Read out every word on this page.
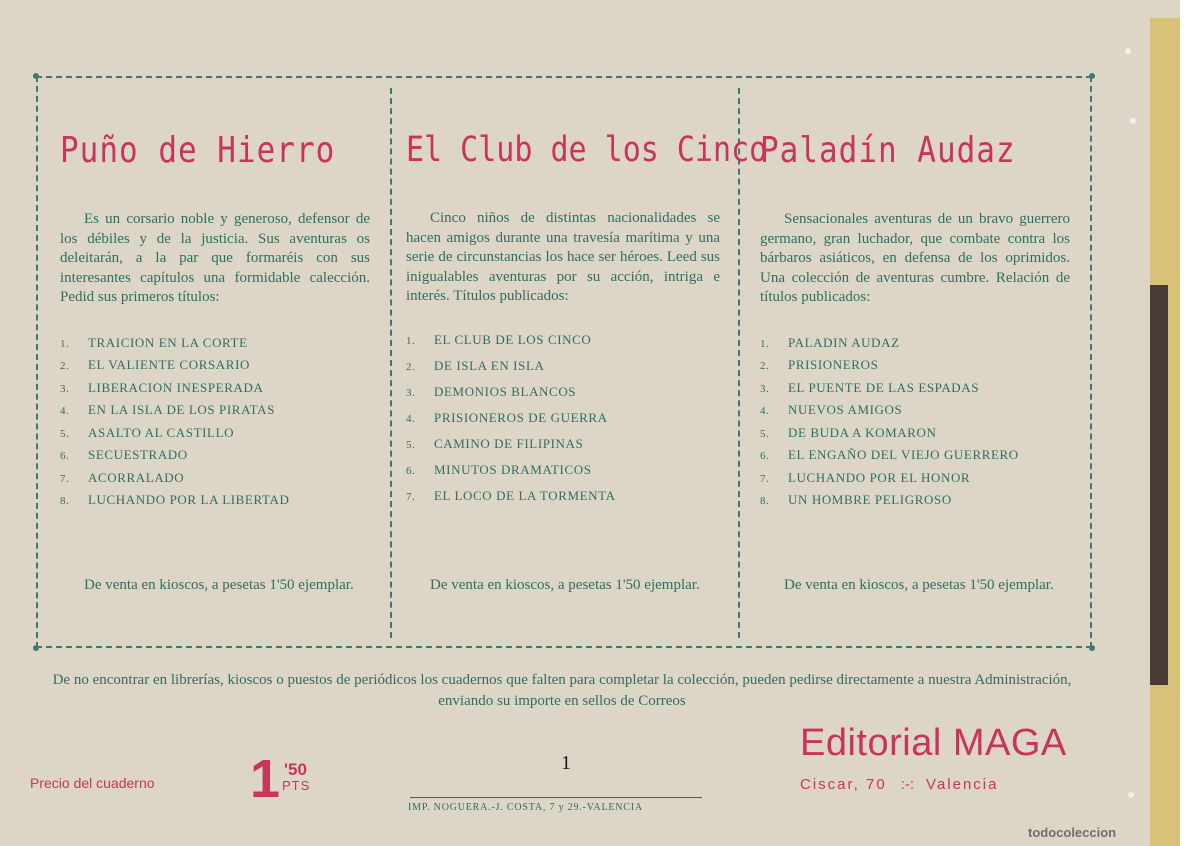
Puño de Hierro
Es un corsario noble y generoso, defensor de los débiles y de la justicia. Sus aventuras os deleitarán, a la par que formaréis con sus interesantes capítulos una formidable calección. Pedid sus primeros títulos:
1. TRAICION EN LA CORTE
2. EL VALIENTE CORSARIO
3. LIBERACION INESPERADA
4. EN LA ISLA DE LOS PIRATAS
5. ASALTO AL CASTILLO
6. SECUESTRADO
7. ACORRALADO
8. LUCHANDO POR LA LIBERTAD
De venta en kioscos, a pesetas 1'50 ejemplar.
El Club de los Cinco
Cinco niños de distintas nacionalidades se hacen amigos durante una travesía marítima y una serie de circunstancias los hace ser héroes. Leed sus inigualables aventuras por su acción, intriga e interés. Títulos publicados:
1. EL CLUB DE LOS CINCO
2. DE ISLA EN ISLA
3. DEMONIOS BLANCOS
4. PRISIONEROS DE GUERRA
5. CAMINO DE FILIPINAS
6. MINUTOS DRAMATICOS
7. EL LOCO DE LA TORMENTA
De venta en kioscos, a pesetas 1'50 ejemplar.
Paladín Audaz
Sensacionales aventuras de un bravo guerrero germano, gran luchador, que combate contra los bárbaros asiáticos, en defensa de los oprimidos. Una colección de aventuras cumbre. Relación de títulos publicados:
1. PALADIN AUDAZ
2. PRISIONEROS
3. EL PUENTE DE LAS ESPADAS
4. NUEVOS AMIGOS
5. DE BUDA A KOMARON
6. EL ENGAÑO DEL VIEJO GUERRERO
7. LUCHANDO POR EL HONOR
8. UN HOMBRE PELIGROSO
De venta en kioscos, a pesetas 1'50 ejemplar.
De no encontrar en librerías, kioscos o puestos de periódicos los cuadernos que falten para completar la colección, pueden pedirse directamente a nuestra Administración, enviando su importe en sellos de Correos
Precio del cuaderno 1 '50
PTS
1
IMP. NOGUERA.-J. COSTA, 7 y 29.-VALENCIA
Editorial MAGA
Ciscar, 70 :-: Valencia
todocoleccion
